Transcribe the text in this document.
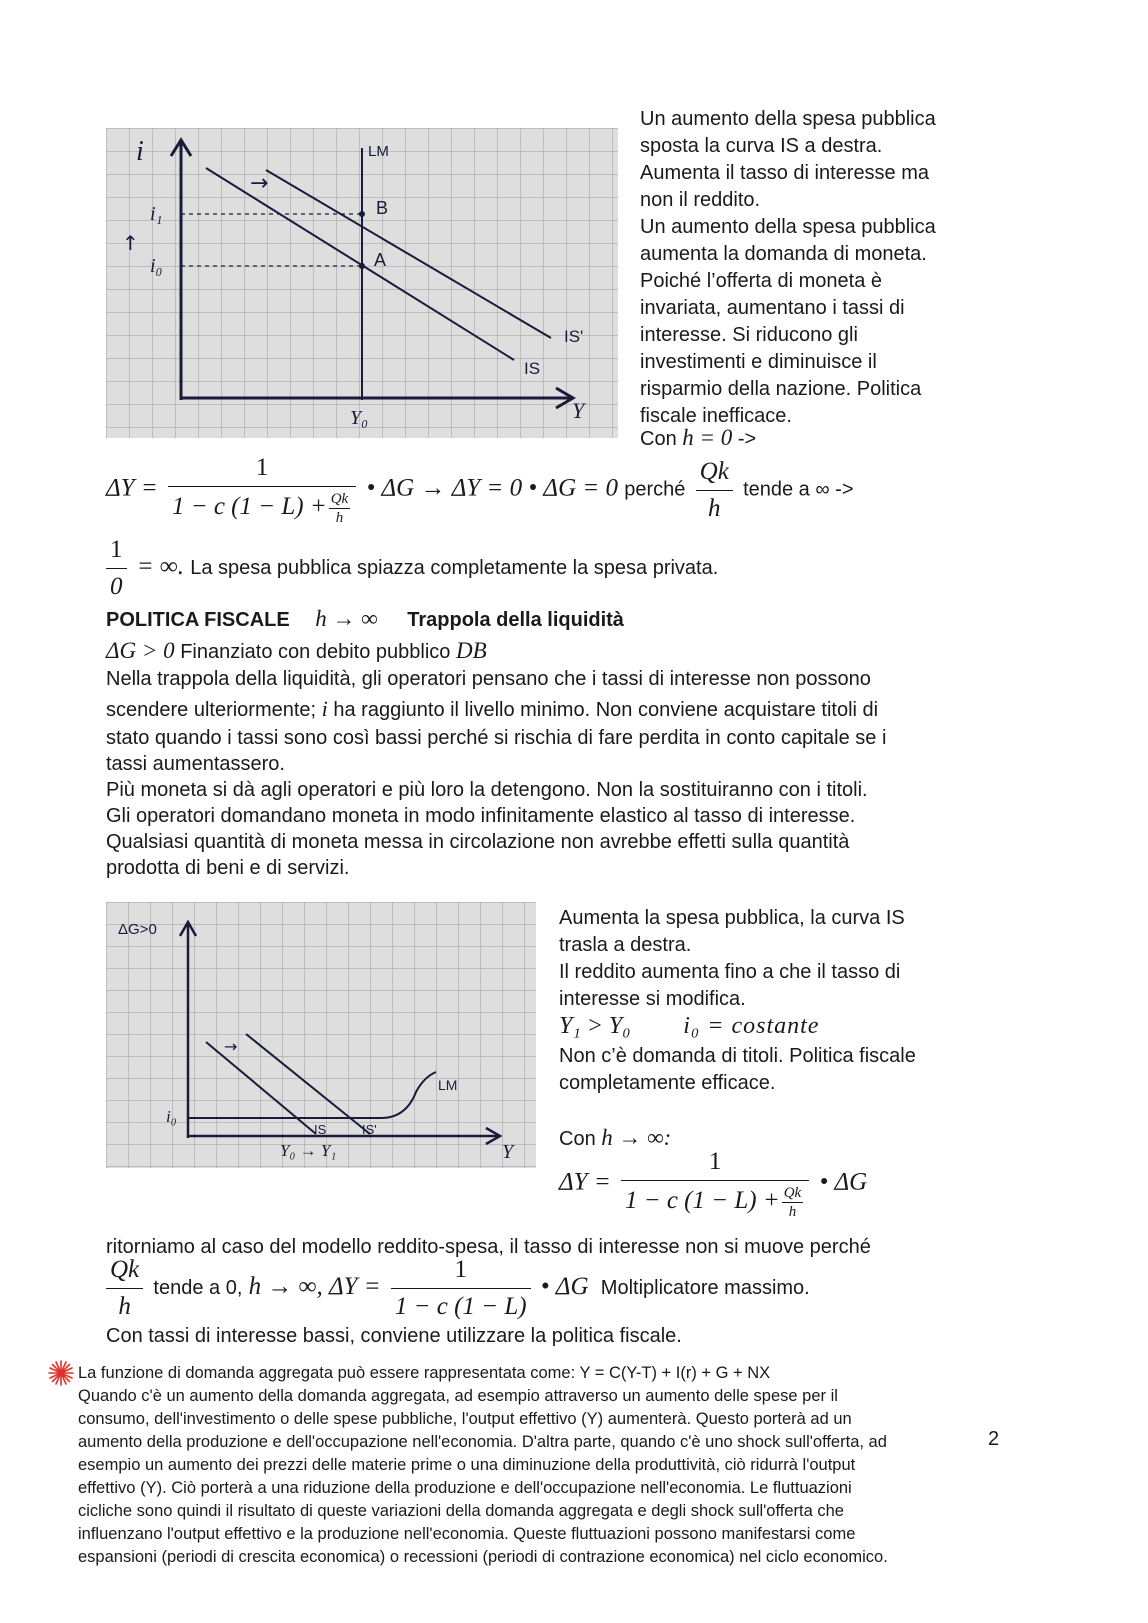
i
Y
LM
B
A
i₁
i₀
↑
→
IS
IS'
Y₀
Un aumento della spesa pubblica
sposta la curva IS a destra.
Aumenta il tasso di interesse ma
non il reddito.
Un aumento della spesa pubblica
aumenta la domanda di moneta.
Poiché l’offerta di moneta è
invariata, aumentano i tassi di
interesse. Si riducono gli
investimenti e diminuisce il
risparmio della nazione. Politica
fiscale inefficace.
Con h = 0 ->
$\Delta Y = \frac{1}{1 - c (1 - L) + \frac{Qk}{h}}$ • ΔG → ΔY = 0 • ΔG = 0 perché $\frac{Qk}{h}$ tende a ∞ ->
$\frac{1}{0}$ = ∞. La spesa pubblica spiazza completamente la spesa privata.
POLITICA FISCALE h → ∞ Trappola della liquidità
ΔG > 0 Finanziato con debito pubblico DB
Nella trappola della liquidità, gli operatori pensano che i tassi di interesse non possono
scendere ulteriormente; i ha raggiunto il livello minimo. Non conviene acquistare titoli di
stato quando i tassi sono così bassi perché si rischia di fare perdita in conto capitale se i
tassi aumentassero.
Più moneta si dà agli operatori e più loro la detengono. Non la sostituiranno con i titoli.
Gli operatori domandano moneta in modo infinitamente elastico al tasso di interesse.
Qualsiasi quantità di moneta messa in circolazione non avrebbe effetti sulla quantità
prodotta di beni e di servizi.
ΔG>0
LM
i₀
IS	IS'
Y₀ → Y₁	Y
→
Aumenta la spesa pubblica, la curva IS
trasla a destra.
Il reddito aumenta fino a che il tasso di
interesse si modifica.
Y₁ > Y₀ i₀ = costante
Non c’è domanda di titoli. Politica fiscale
completamente efficace.
Con h → ∞:
$\Delta Y = \frac{1}{1 - c (1 - L) + \frac{Qk}{h}}$ • ΔG
ritorniamo al caso del modello reddito-spesa, il tasso di interesse non si muove perché
$\frac{Qk}{h}$ tende a 0, h → ∞, $\Delta Y = \frac{1}{1 - c (1 - L)}$ • ΔG Moltiplicatore massimo.
Con tassi di interesse bassi, conviene utilizzare la politica fiscale.
La funzione di domanda aggregata può essere rappresentata come: Y = C(Y-T) + I(r) + G + NX
Quando c'è un aumento della domanda aggregata, ad esempio attraverso un aumento delle spese per il
consumo, dell'investimento o delle spese pubbliche, l'output effettivo (Y) aumenterà. Questo porterà ad un
aumento della produzione e dell'occupazione nell'economia. D'altra parte, quando c'è uno shock sull'offerta, ad
esempio un aumento dei prezzi delle materie prime o una diminuzione della produttività, ciò ridurrà l'output
effettivo (Y). Ciò porterà a una riduzione della produzione e dell'occupazione nell'economia. Le fluttuazioni
cicliche sono quindi il risultato di queste variazioni della domanda aggregata e degli shock sull'offerta che
influenzano l'output effettivo e la produzione nell'economia. Queste fluttuazioni possono manifestarsi come
espansioni (periodi di crescita economica) o recessioni (periodi di contrazione economica) nel ciclo economico.
2
